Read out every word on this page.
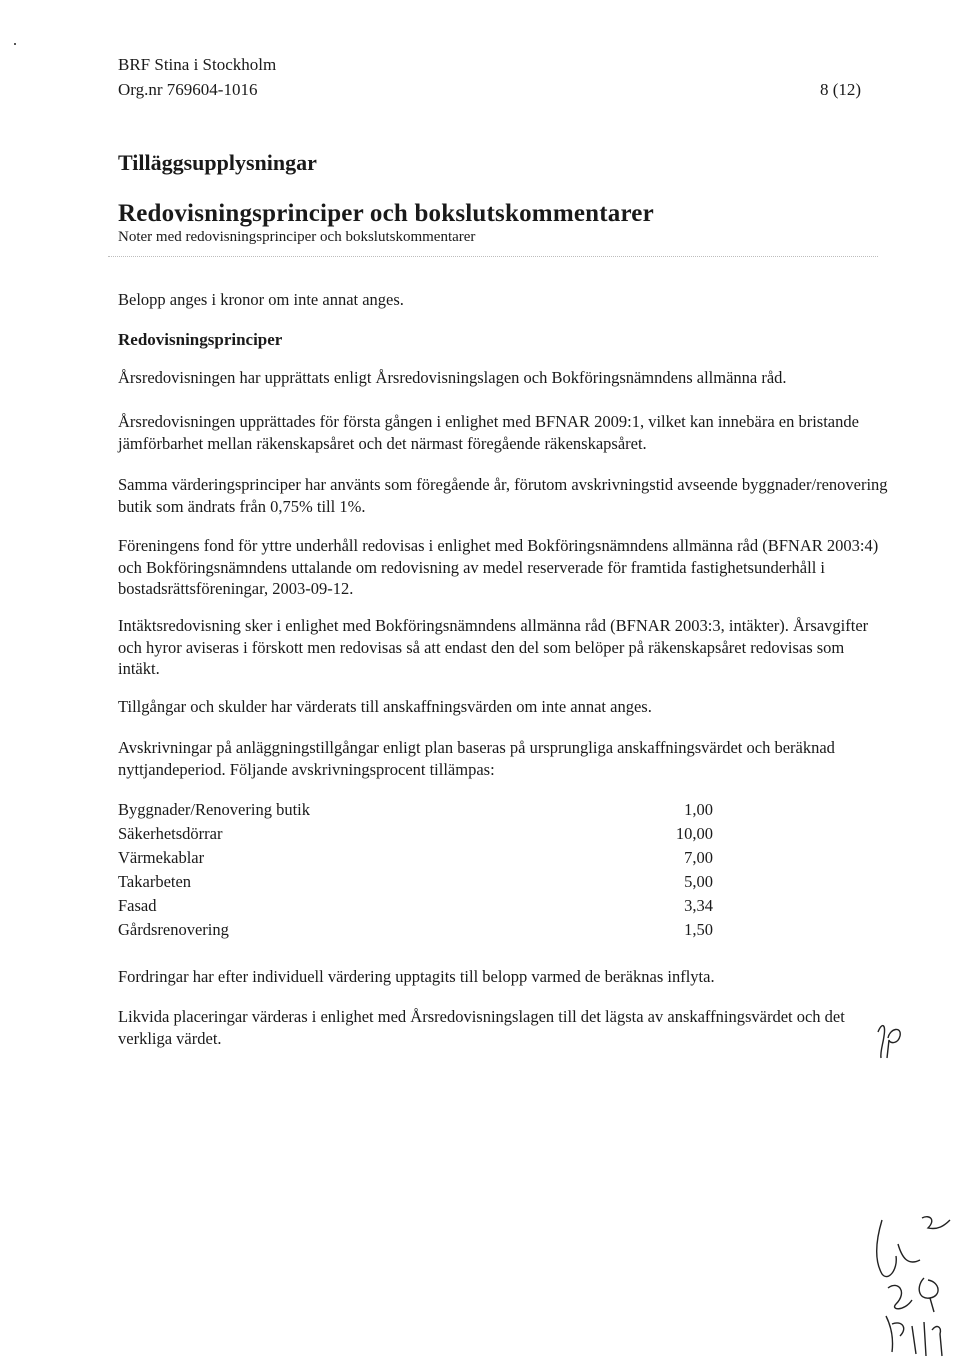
BRF Stina i Stockholm
Org.nr 769604-1016	8 (12)
Tilläggsupplysningar
Redovisningsprinciper och bokslutskommentarer
Noter med redovisningsprinciper och bokslutskommentarer
Belopp anges i kronor om inte annat anges.
Redovisningsprinciper
Årsredovisningen har upprättats enligt Årsredovisningslagen och Bokföringsnämndens allmänna råd.
Årsredovisningen upprättades för första gången i enlighet med BFNAR 2009:1, vilket kan innebära en bristande jämförbarhet mellan räkenskapsåret och det närmast föregående räkenskapsåret.
Samma värderingsprinciper har använts som föregående år, förutom avskrivningstid avseende byggnader/renovering butik som ändrats från 0,75% till 1%.
Föreningens fond för yttre underhåll redovisas i enlighet med Bokföringsnämndens allmänna råd (BFNAR 2003:4) och Bokföringsnämndens uttalande om redovisning av medel reserverade för framtida fastighetsunderhåll i bostadsrättsföreningar, 2003-09-12.
Intäktsredovisning sker i enlighet med Bokföringsnämndens allmänna råd (BFNAR 2003:3, intäkter). Årsavgifter och hyror aviseras i förskott men redovisas så att endast den del som belöper på räkenskapsåret redovisas som intäkt.
Tillgångar och skulder har värderats till anskaffningsvärden om inte annat anges.
Avskrivningar på anläggningstillgångar enligt plan baseras på ursprungliga anskaffningsvärdet och beräknad nyttjandeperiod. Följande avskrivningsprocent tillämpas:
Byggnader/Renovering butik	1,00
Säkerhetsdörrar	10,00
Värmekablar	7,00
Takarbeten	5,00
Fasad	3,34
Gårdsrenovering	1,50
Fordringar har efter individuell värdering upptagits till belopp varmed de beräknas inflyta.
Likvida placeringar värderas i enlighet med Årsredovisningslagen till det lägsta av anskaffningsvärdet och det verkliga värdet.
